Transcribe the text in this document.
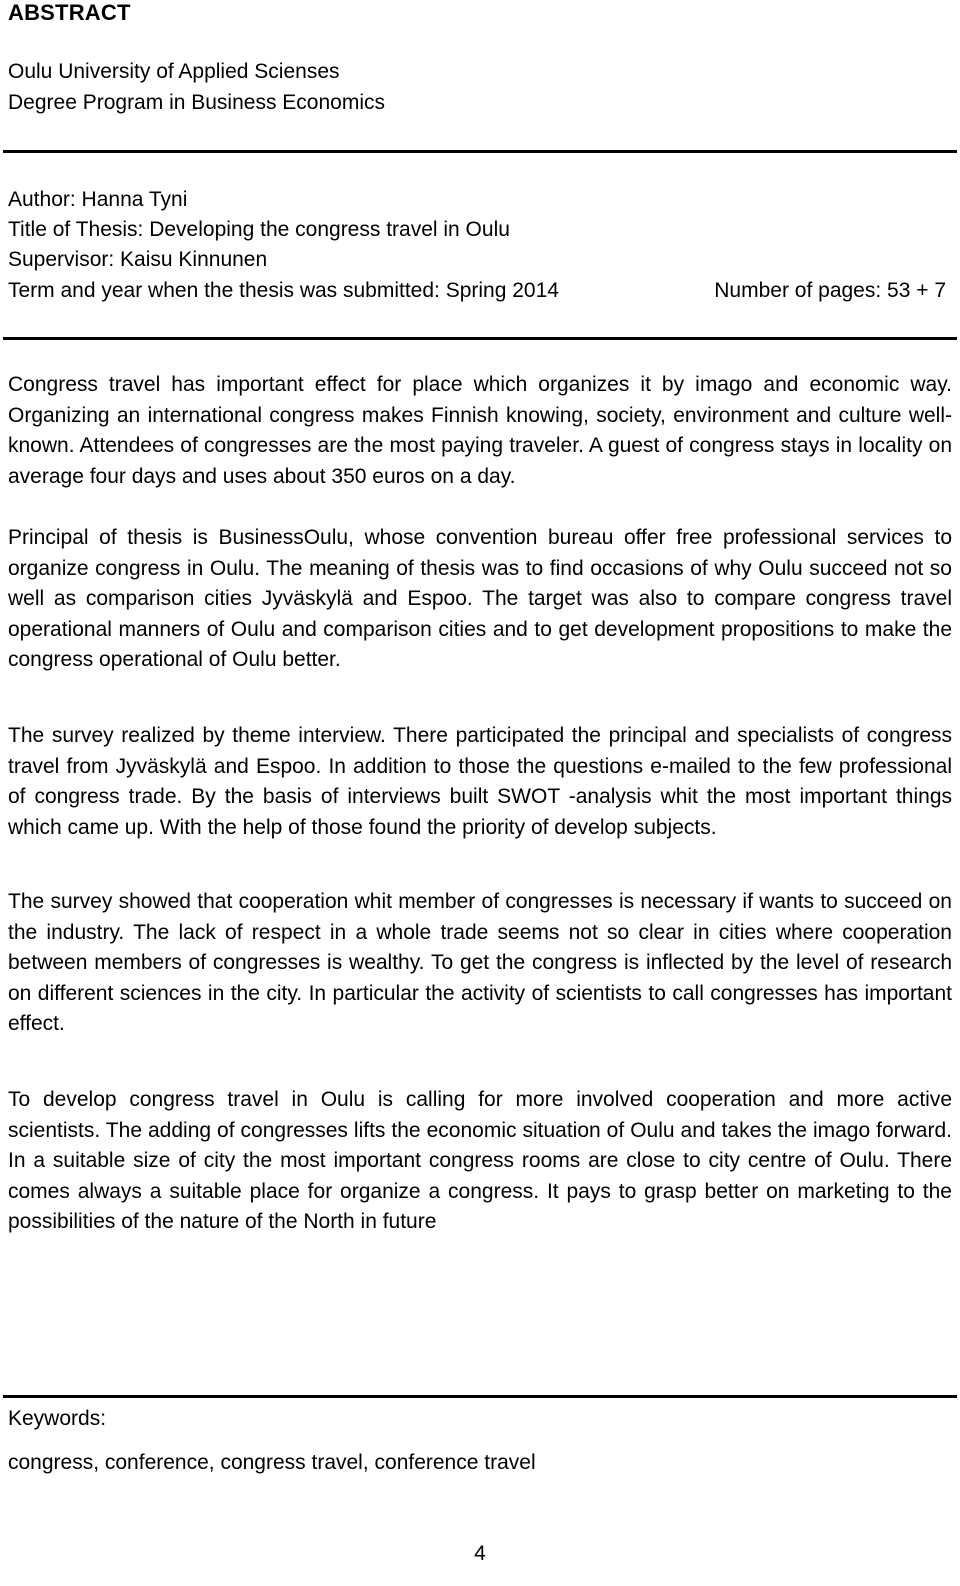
ABSTRACT
Oulu University of Applied Scienses
Degree Program in Business Economics
Author: Hanna Tyni
Title of Thesis: Developing the congress travel in Oulu
Supervisor: Kaisu Kinnunen
Term and year when the thesis was submitted: Spring 2014	Number of pages: 53 + 7

Congress travel has important effect for place which organizes it by imago and economic way. Organizing an international congress makes Finnish knowing, society, environment and culture well-known. Attendees of congresses are the most paying traveler. A guest of congress stays in locality on average four days and uses about 350 euros on a day.

Principal of thesis is BusinessOulu, whose convention bureau offer free professional services to organize congress in Oulu. The meaning of thesis was to find occasions of why Oulu succeed not so well as comparison cities Jyväskylä and Espoo. The target was also to compare congress travel operational manners of Oulu and comparison cities and to get development propositions to make the congress operational of Oulu better.

The survey realized by theme interview. There participated the principal and specialists of congress travel from Jyväskylä and Espoo. In addition to those the questions e-mailed to the few professional of congress trade. By the basis of interviews built SWOT -analysis whit the most important things which came up. With the help of those found the priority of develop subjects.

The survey showed that cooperation whit member of congresses is necessary if wants to succeed on the industry. The lack of respect in a whole trade seems not so clear in cities where cooperation between members of congresses is wealthy. To get the congress is inflected by the level of research on different sciences in the city. In particular the activity of scientists to call congresses has important effect.

To develop congress travel in Oulu is calling for more involved cooperation and more active scientists. The adding of congresses lifts the economic situation of Oulu and takes the imago forward. In a suitable size of city the most important congress rooms are close to city centre of Oulu. There comes always a suitable place for organize a congress. It pays to grasp better on marketing to the possibilities of the nature of the North in future

Keywords:
congress, conference, congress travel, conference travel
4
